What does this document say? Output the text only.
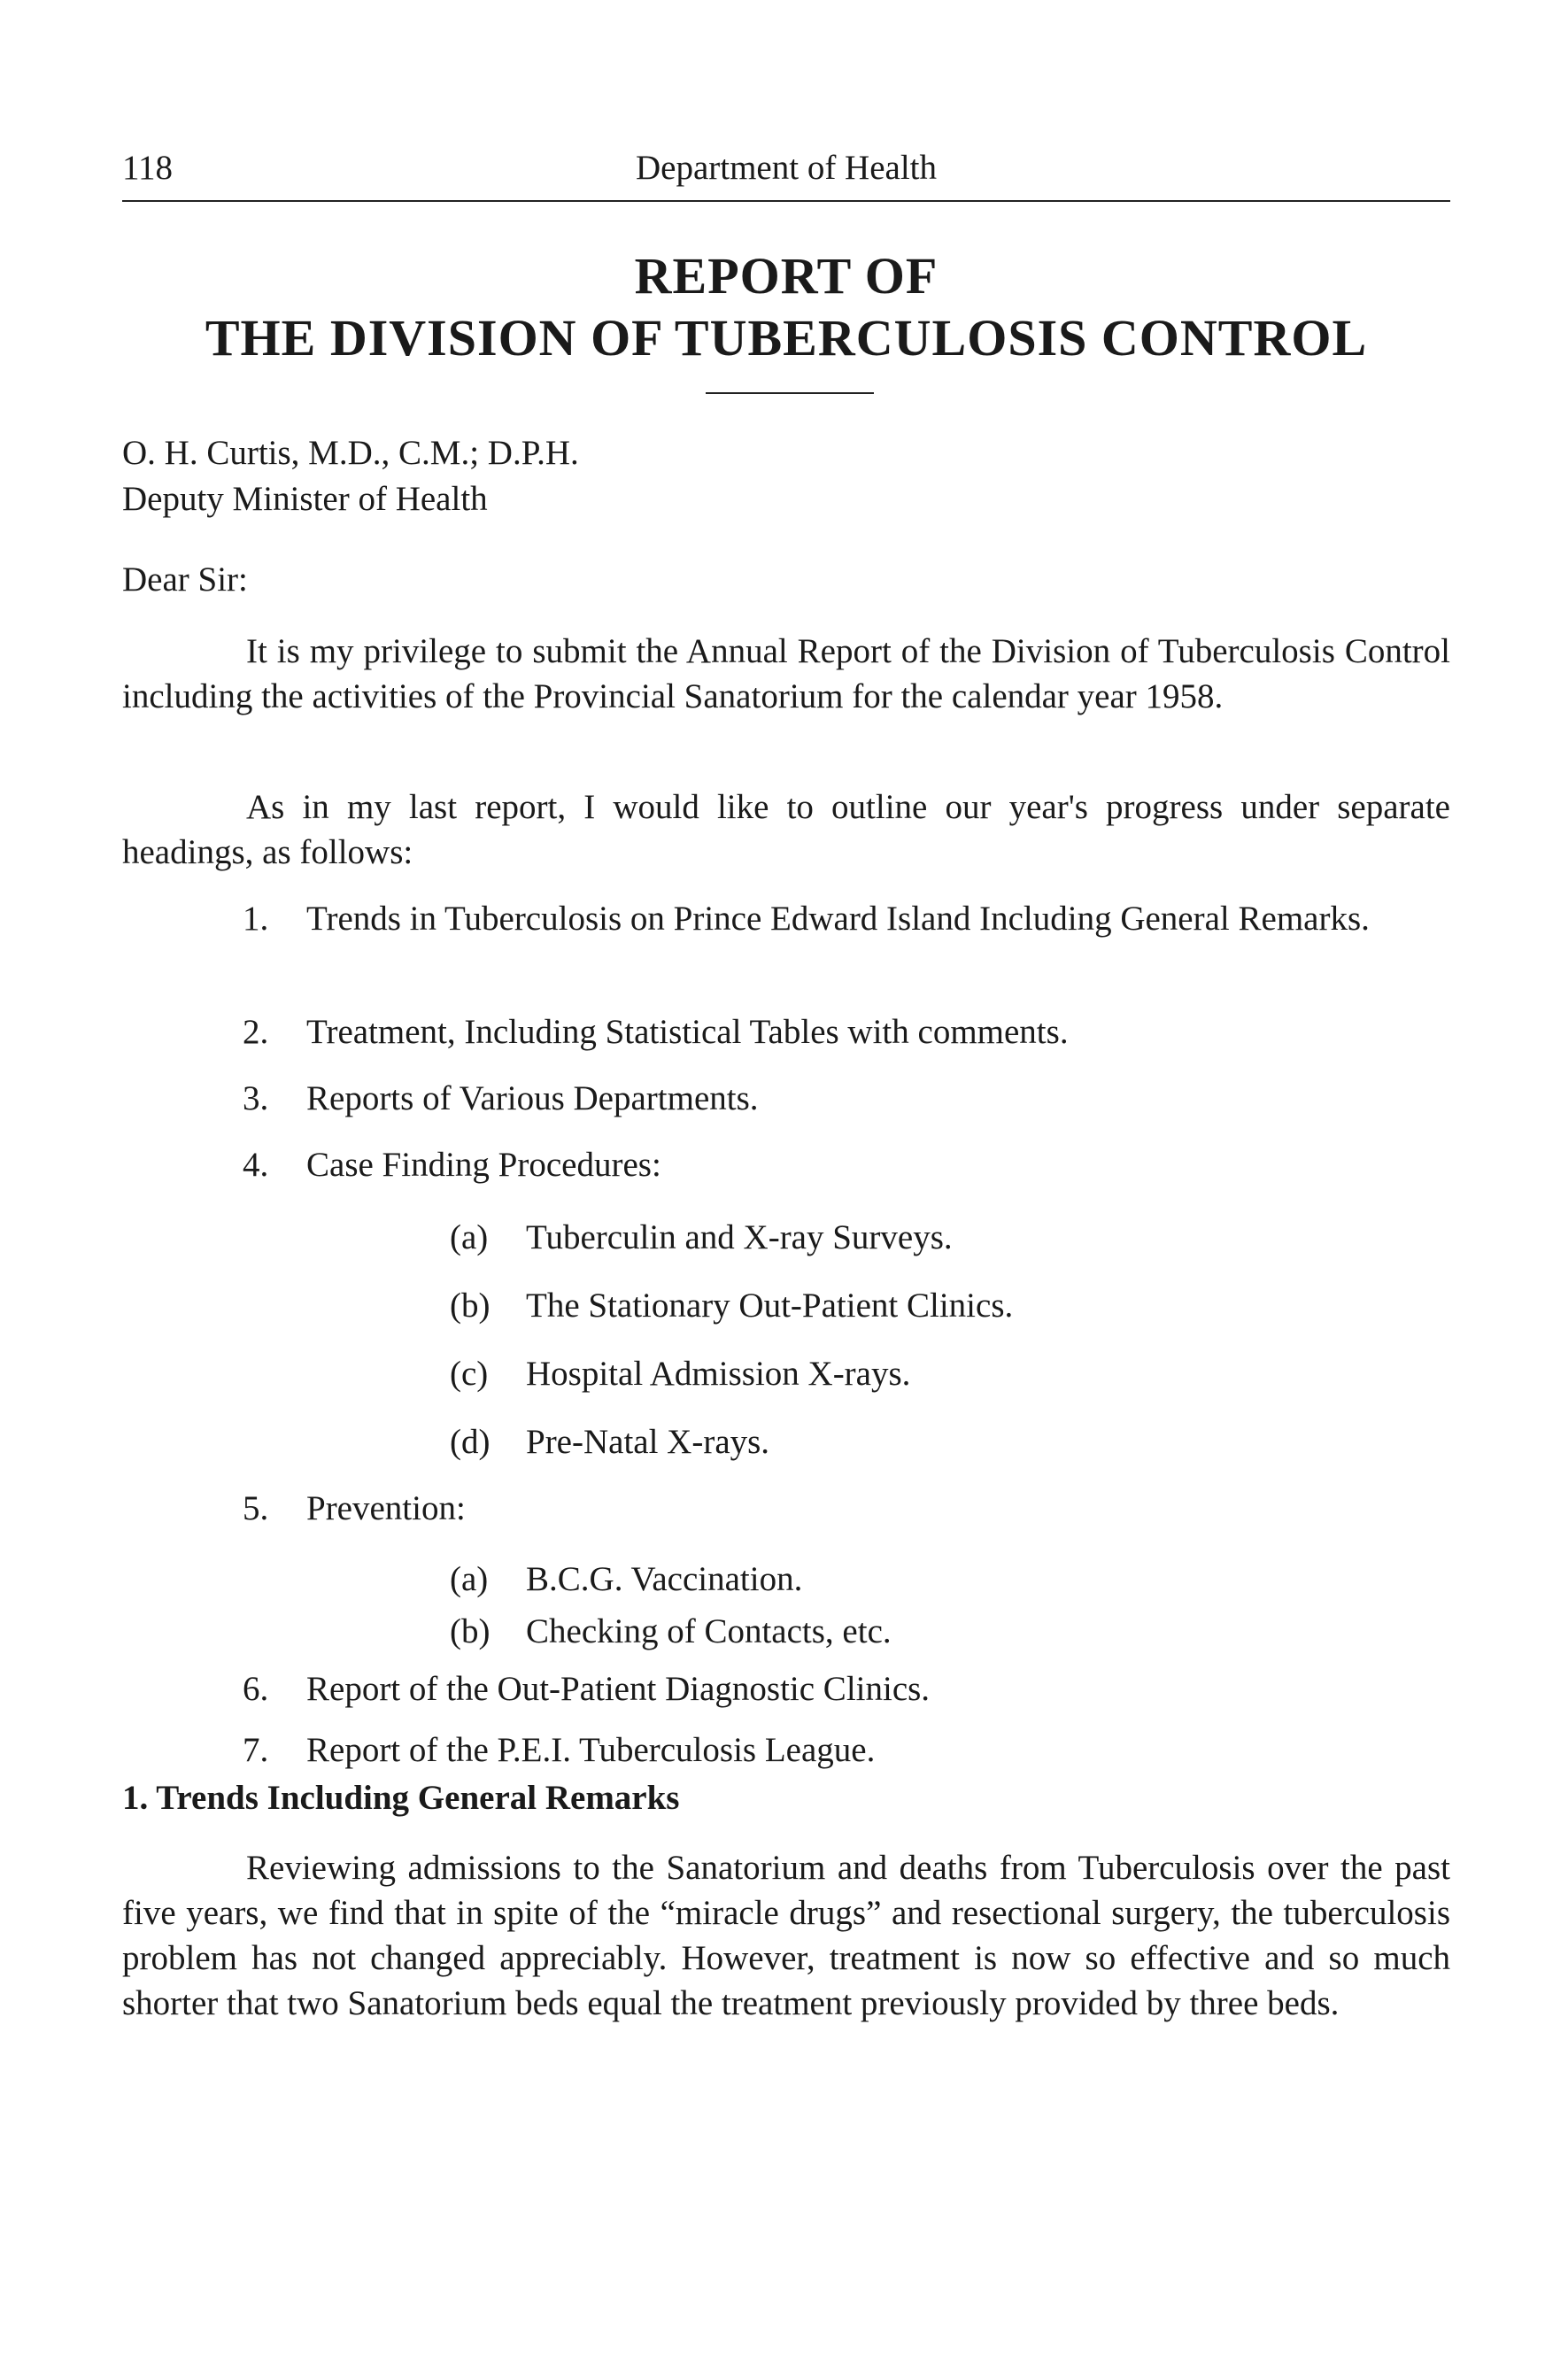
118	Department of Health
REPORT OF
THE DIVISION OF TUBERCULOSIS CONTROL
O. H. Curtis, M.D., C.M.; D.P.H.
Deputy Minister of Health
Dear Sir:

It is my privilege to submit the Annual Report of the Division of Tuberculosis Control including the activities of the Provincial Sanatorium for the calendar year 1958.

As in my last report, I would like to outline our year's progress under separate headings, as follows:

1. Trends in Tuberculosis on Prince Edward Island Including General Remarks.
2. Treatment, Including Statistical Tables with comments.
3. Reports of Various Departments.
4. Case Finding Procedures:
(a) Tuberculin and X-ray Surveys.
(b) The Stationary Out-Patient Clinics.
(c) Hospital Admission X-rays.
(d) Pre-Natal X-rays.
5. Prevention:
(a) B.C.G. Vaccination.
(b) Checking of Contacts, etc.
6. Report of the Out-Patient Diagnostic Clinics.
7. Report of the P.E.I. Tuberculosis League.
1. Trends Including General Remarks

Reviewing admissions to the Sanatorium and deaths from Tuberculosis over the past five years, we find that in spite of the “miracle drugs” and resectional surgery, the tuberculosis problem has not changed appreciably. However, treatment is now so effective and so much shorter that two Sanatorium beds equal the treatment previously provided by three beds.
